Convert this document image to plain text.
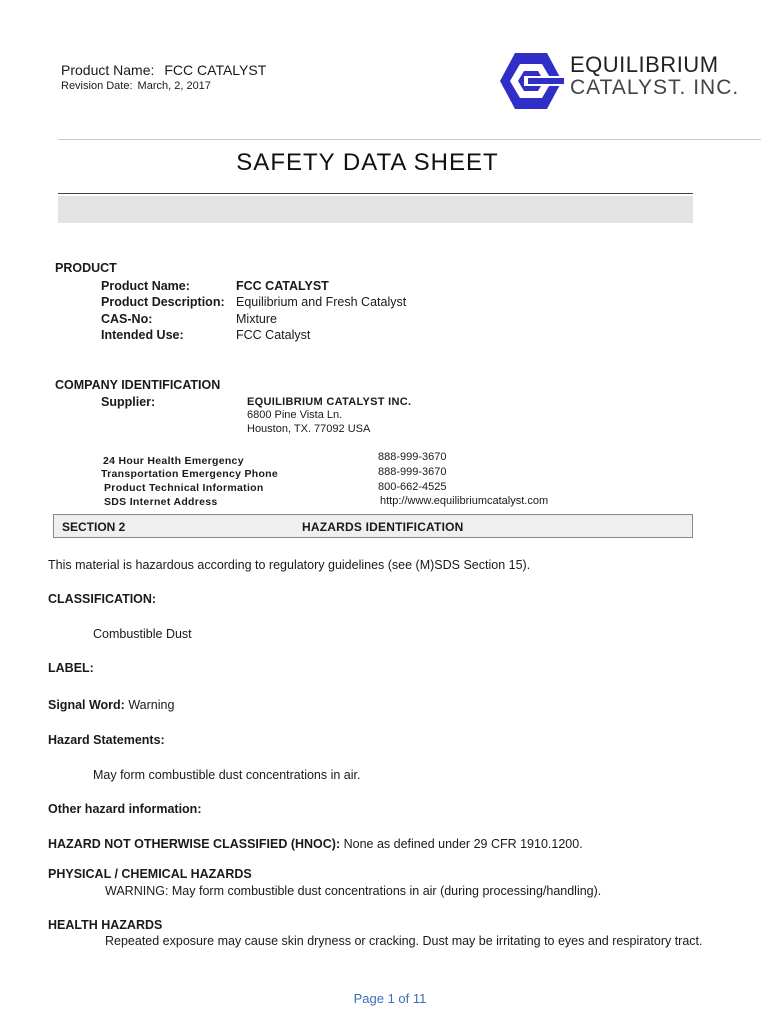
Product Name: FCC CATALYST
Revision Date: March, 2, 2017
EQUILIBRIUM
CATALYST. INC.
SAFETY DATA SHEET
PRODUCT
Product Name:	FCC CATALYST
Product Description: Equilibrium and Fresh Catalyst
CAS-No:	Mixture
Intended Use:	FCC Catalyst
COMPANY IDENTIFICATION
Supplier:	EQUILIBRIUM CATALYST INC.
6800 Pine Vista Ln.
Houston, TX. 77092 USA
24 Hour Health Emergency	888-999-3670
Transportation Emergency Phone	888-999-3670
Product Technical Information	800-662-4525
SDS Internet Address	http://www.equilibriumcatalyst.com
SECTION 2	HAZARDS IDENTIFICATION
This material is hazardous according to regulatory guidelines (see (M)SDS Section 15).
CLASSIFICATION:
Combustible Dust
LABEL:
Signal Word: Warning
Hazard Statements:
May form combustible dust concentrations in air.
Other hazard information:
HAZARD NOT OTHERWISE CLASSIFIED (HNOC): None as defined under 29 CFR 1910.1200.
PHYSICAL / CHEMICAL HAZARDS
WARNING: May form combustible dust concentrations in air (during processing/handling).
HEALTH HAZARDS
Repeated exposure may cause skin dryness or cracking. Dust may be irritating to eyes and respiratory tract.
Page 1 of 11
